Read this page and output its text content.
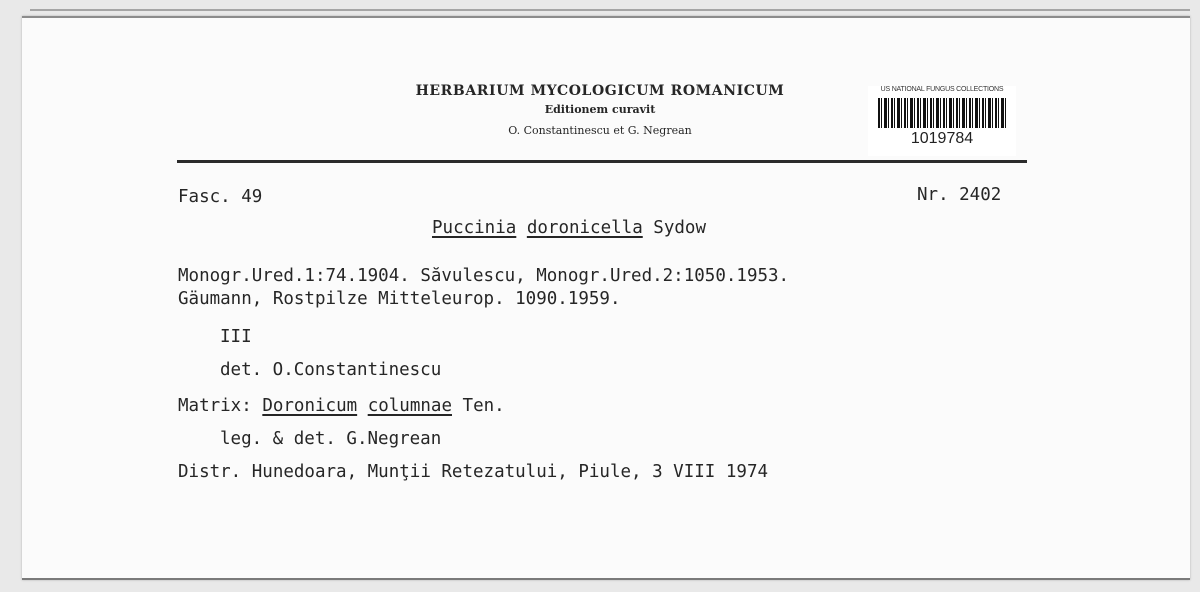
HERBARIUM MYCOLOGICUM ROMANICUM
Editionem curavit
O. Constantinescu et G. Negrean
US NATIONAL FUNGUS COLLECTIONS
1019784
Fasc. 49	Nr. 2402
Puccinia doronicella Sydow
Monogr.Ured.1:74.1904. Săvulescu, Monogr.Ured.2:1050.1953.
Gäumann, Rostpilze Mitteleurop. 1090.1959.
III
det. O.Constantinescu
Matrix: Doronicum columnae Ten.
leg. & det. G.Negrean
Distr. Hunedoara, Munţii Retezatului, Piule, 3 VIII 1974
